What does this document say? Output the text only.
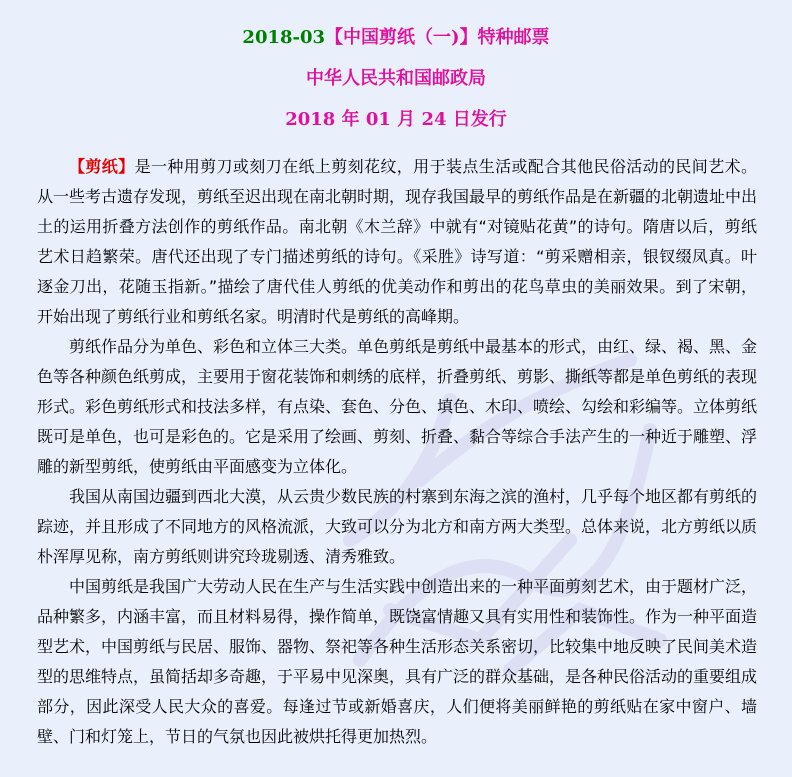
2018-03【中国剪纸（一)】特种邮票
中华人民共和国邮政局
2018 年 01 月 24 日发行

【剪纸】是一种用剪刀或刻刀在纸上剪刻花纹，用于装点生活或配合其他民俗活动的民间艺术。从一些考古遗存发现，剪纸至迟出现在南北朝时期，现存我国最早的剪纸作品是在新疆的北朝遗址中出土的运用折叠方法创作的剪纸作品。南北朝《木兰辞》中就有“对镜贴花黄”的诗句。隋唐以后，剪纸艺术日趋繁荣。唐代还出现了专门描述剪纸的诗句。《采胜》诗写道：“剪采赠相亲，银钗缀凤真。叶逐金刀出，花随玉指新。”描绘了唐代佳人剪纸的优美动作和剪出的花鸟草虫的美丽效果。到了宋朝，开始出现了剪纸行业和剪纸名家。明清时代是剪纸的高峰期。

剪纸作品分为单色、彩色和立体三大类。单色剪纸是剪纸中最基本的形式，由红、绿、褐、黑、金色等各种颜色纸剪成，主要用于窗花装饰和刺绣的底样，折叠剪纸、剪影、撕纸等都是单色剪纸的表现形式。彩色剪纸形式和技法多样，有点染、套色、分色、填色、木印、喷绘、勾绘和彩编等。立体剪纸既可是单色，也可是彩色的。它是采用了绘画、剪刻、折叠、黏合等综合手法产生的一种近于雕塑、浮雕的新型剪纸，使剪纸由平面感变为立体化。

我国从南国边疆到西北大漠，从云贵少数民族的村寨到东海之滨的渔村，几乎每个地区都有剪纸的踪迹，并且形成了不同地方的风格流派，大致可以分为北方和南方两大类型。总体来说，北方剪纸以质朴浑厚见称，南方剪纸则讲究玲珑剔透、清秀雅致。

中国剪纸是我国广大劳动人民在生产与生活实践中创造出来的一种平面剪刻艺术，由于题材广泛，品种繁多，内涵丰富，而且材料易得，操作简单，既饶富情趣又具有实用性和装饰性。作为一种平面造型艺术，中国剪纸与民居、服饰、器物、祭祀等各种生活形态关系密切，比较集中地反映了民间美术造型的思维特点，虽简括却多奇趣，于平易中见深奥，具有广泛的群众基础，是各种民俗活动的重要组成部分，因此深受人民大众的喜爱。每逢过节或新婚喜庆，人们便将美丽鲜艳的剪纸贴在家中窗户、墙壁、门和灯笼上，节日的气氛也因此被烘托得更加热烈。
